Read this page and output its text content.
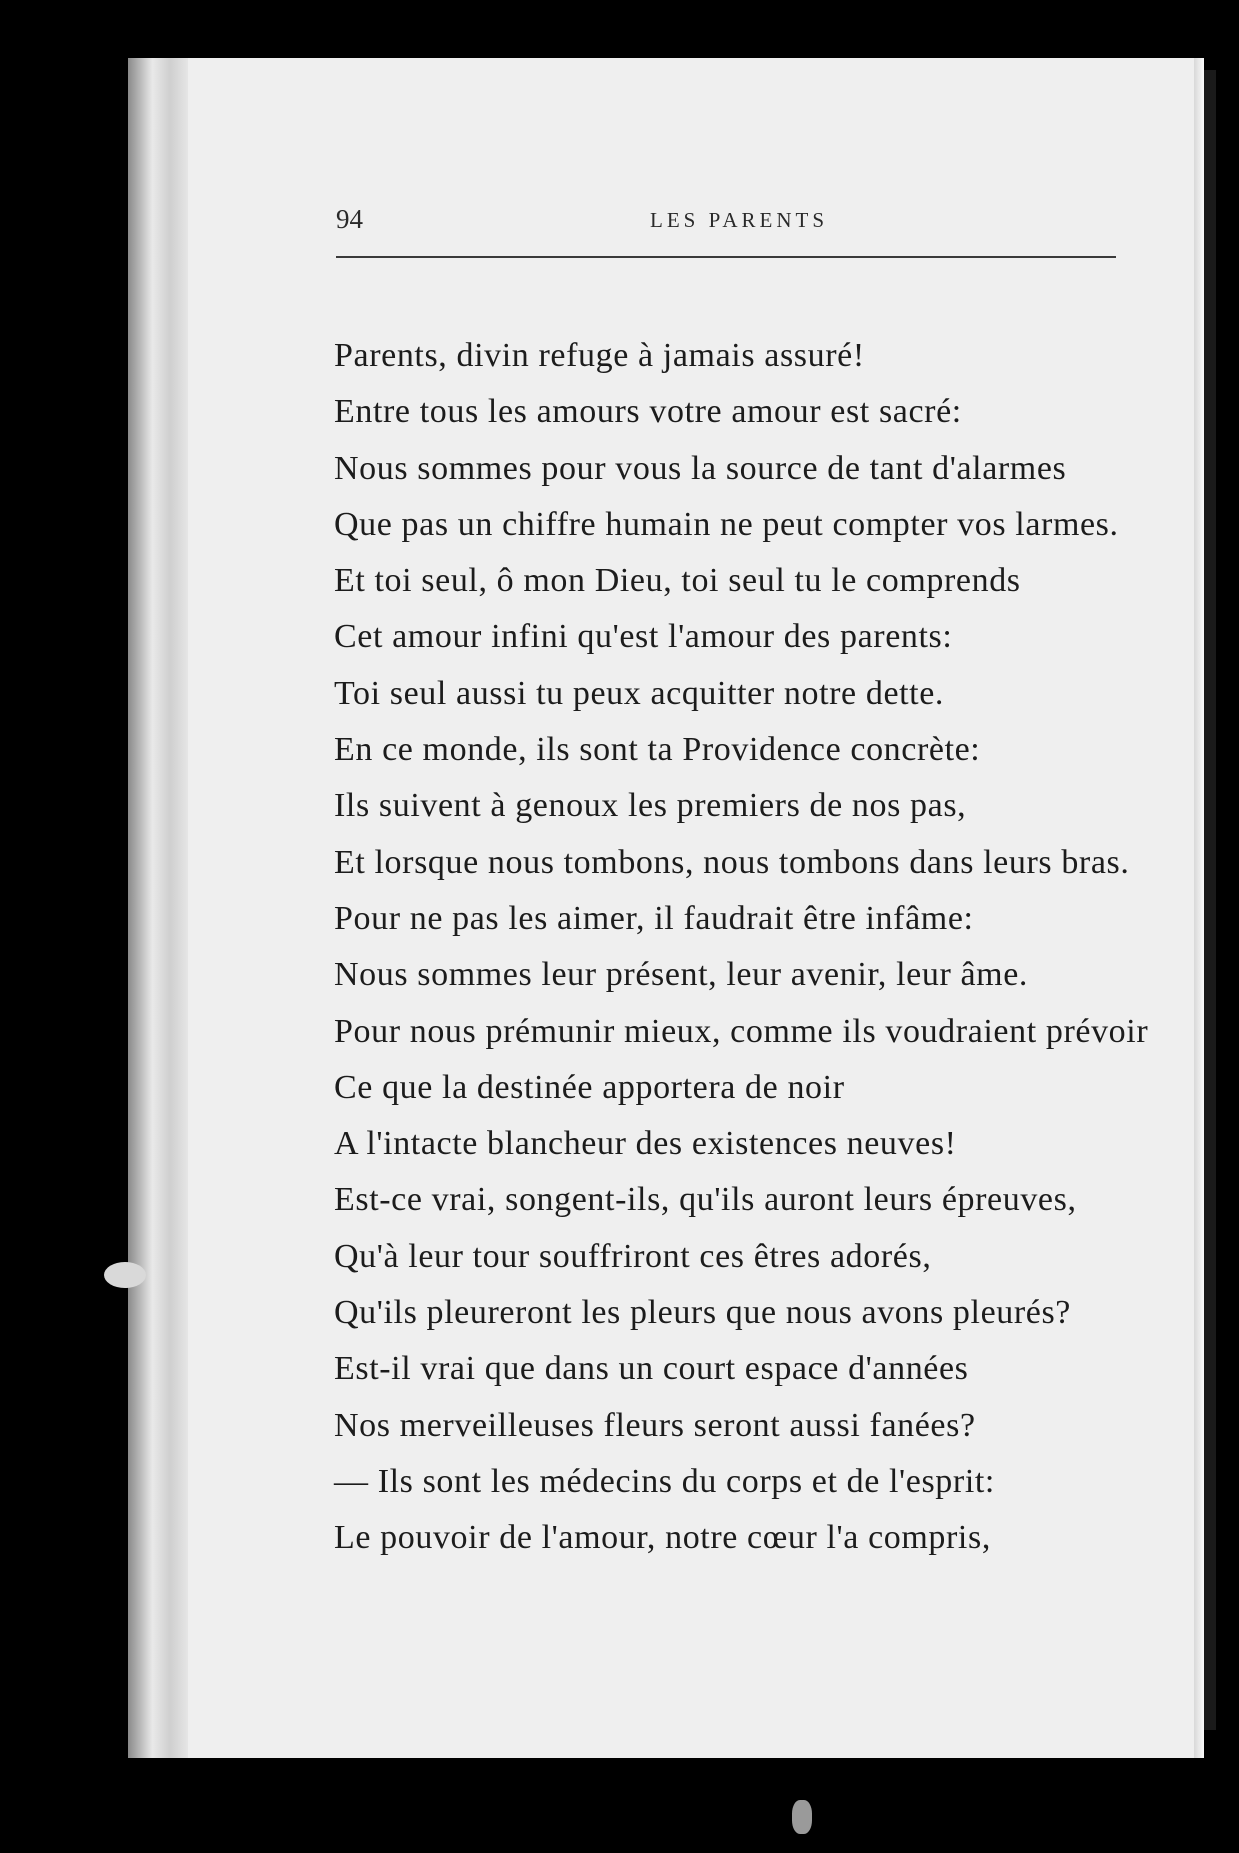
94	LES PARENTS
Parents, divin refuge à jamais assuré!
Entre tous les amours votre amour est sacré:
Nous sommes pour vous la source de tant d'alarmes
Que pas un chiffre humain ne peut compter vos larmes.
Et toi seul, ô mon Dieu, toi seul tu le comprends
Cet amour infini qu'est l'amour des parents:
Toi seul aussi tu peux acquitter notre dette.
En ce monde, ils sont ta Providence concrète:
Ils suivent à genoux les premiers de nos pas,
Et lorsque nous tombons, nous tombons dans leurs bras.
Pour ne pas les aimer, il faudrait être infâme:
Nous sommes leur présent, leur avenir, leur âme.
Pour nous prémunir mieux, comme ils voudraient prévoir
Ce que la destinée apportera de noir
A l'intacte blancheur des existences neuves!
Est-ce vrai, songent-ils, qu'ils auront leurs épreuves,
Qu'à leur tour souffriront ces êtres adorés,
Qu'ils pleureront les pleurs que nous avons pleurés?
Est-il vrai que dans un court espace d'années
Nos merveilleuses fleurs seront aussi fanées?
— Ils sont les médecins du corps et de l'esprit:
Le pouvoir de l'amour, notre cœur l'a compris,
